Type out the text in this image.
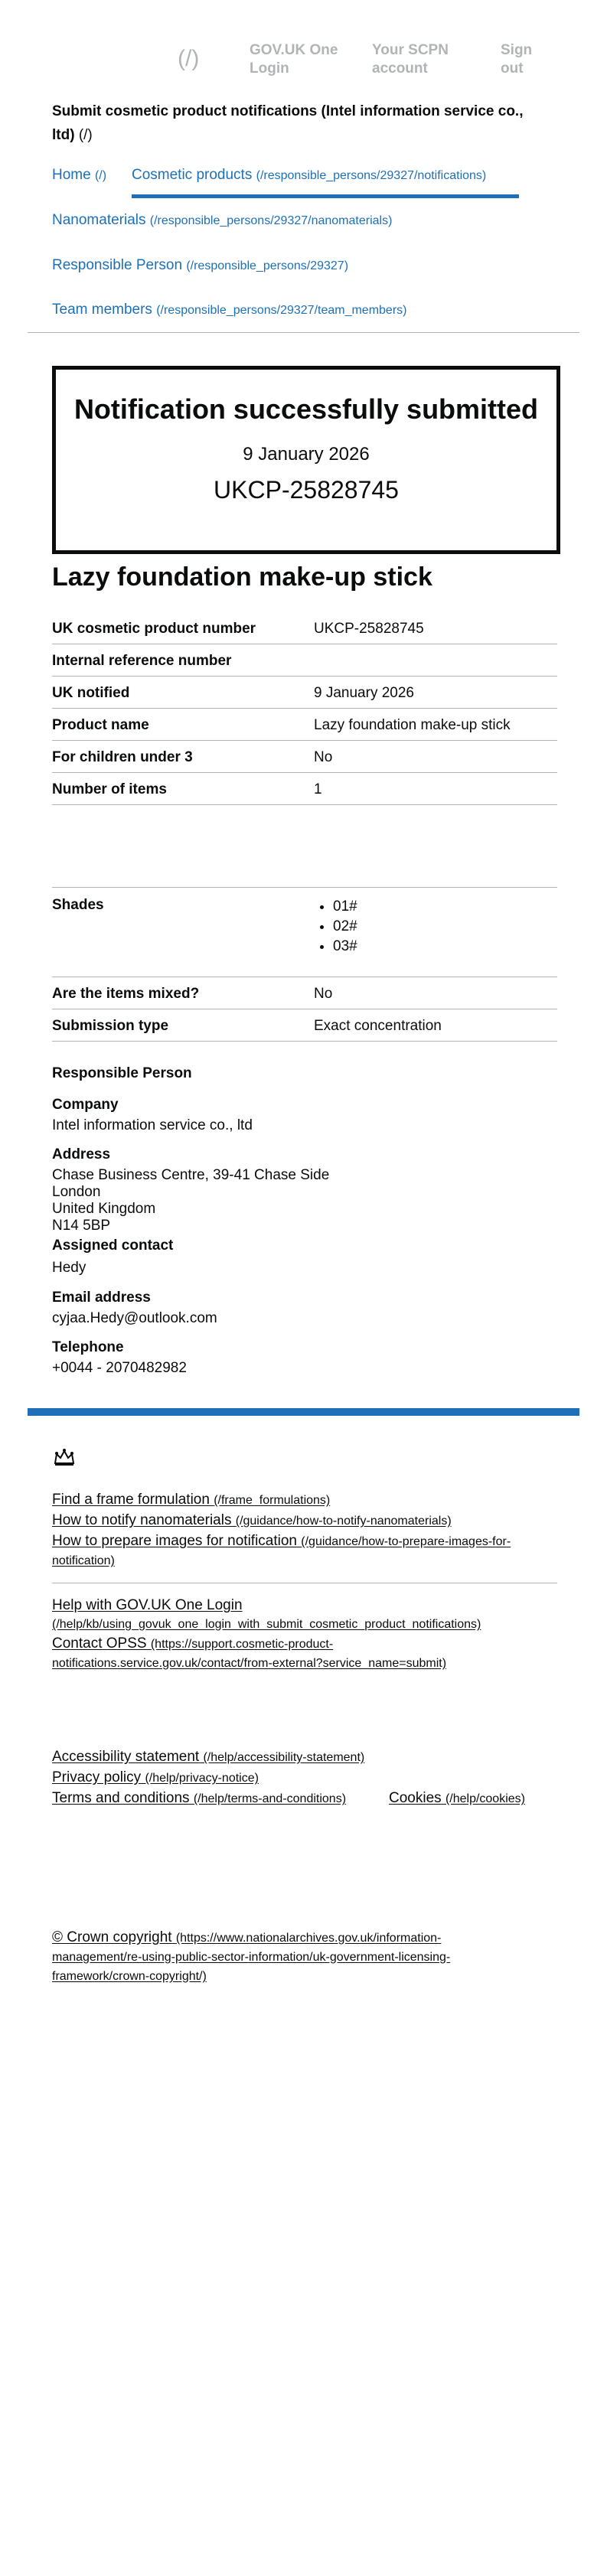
(/)	GOV.UK One Login
Your SCPN account
Sign out
Submit cosmetic product notifications (Intel information service co., ltd) (/)
Home (/) Cosmetic products (/responsible_persons/29327/notifications)
Nanomaterials (/responsible_persons/29327/nanomaterials)
Responsible Person (/responsible_persons/29327)
Team members (/responsible_persons/29327/team_members)
Notification successfully submitted
9 January 2026
UKCP-25828745
Lazy foundation make-up stick
UK cosmetic product number	UKCP-25828745
Internal reference number
UK notified	9 January 2026
Product name	Lazy foundation make-up stick
For children under 3	No
Number of items	1
Shades
•	01#
• 02#
• 03#
Are the items mixed?	No
Submission type	Exact concentration
Responsible Person
Company
Intel information service co., ltd
Address
Chase Business Centre, 39-41 Chase Side
London
United Kingdom
N14 5BP
Assigned contact
Hedy
Email address
cyjaa.Hedy@outlook.com
Telephone
+0044 - 2070482982
Find a frame formulation (/frame_formulations)
How to notify nanomaterials (/guidance/how-to-notify-nanomaterials)
How to prepare images for notification (/guidance/how-to-prepare-images-for-notification)
Help with GOV.UK One Login
(/help/kb/using_govuk_one_login_with_submit_cosmetic_product_notifications)
Contact OPSS (https://support.cosmetic-product-notifications.service.gov.uk/contact/from-external?service_name=submit)
Accessibility statement (/help/accessibility-statement)
Privacy policy (/help/privacy-notice)
Terms and conditions (/help/terms-and-conditions)	Cookies (/help/cookies)
© Crown copyright (https://www.nationalarchives.gov.uk/information-management/re-using-public-sector-information/uk-government-licensing-framework/crown-copyright/)
